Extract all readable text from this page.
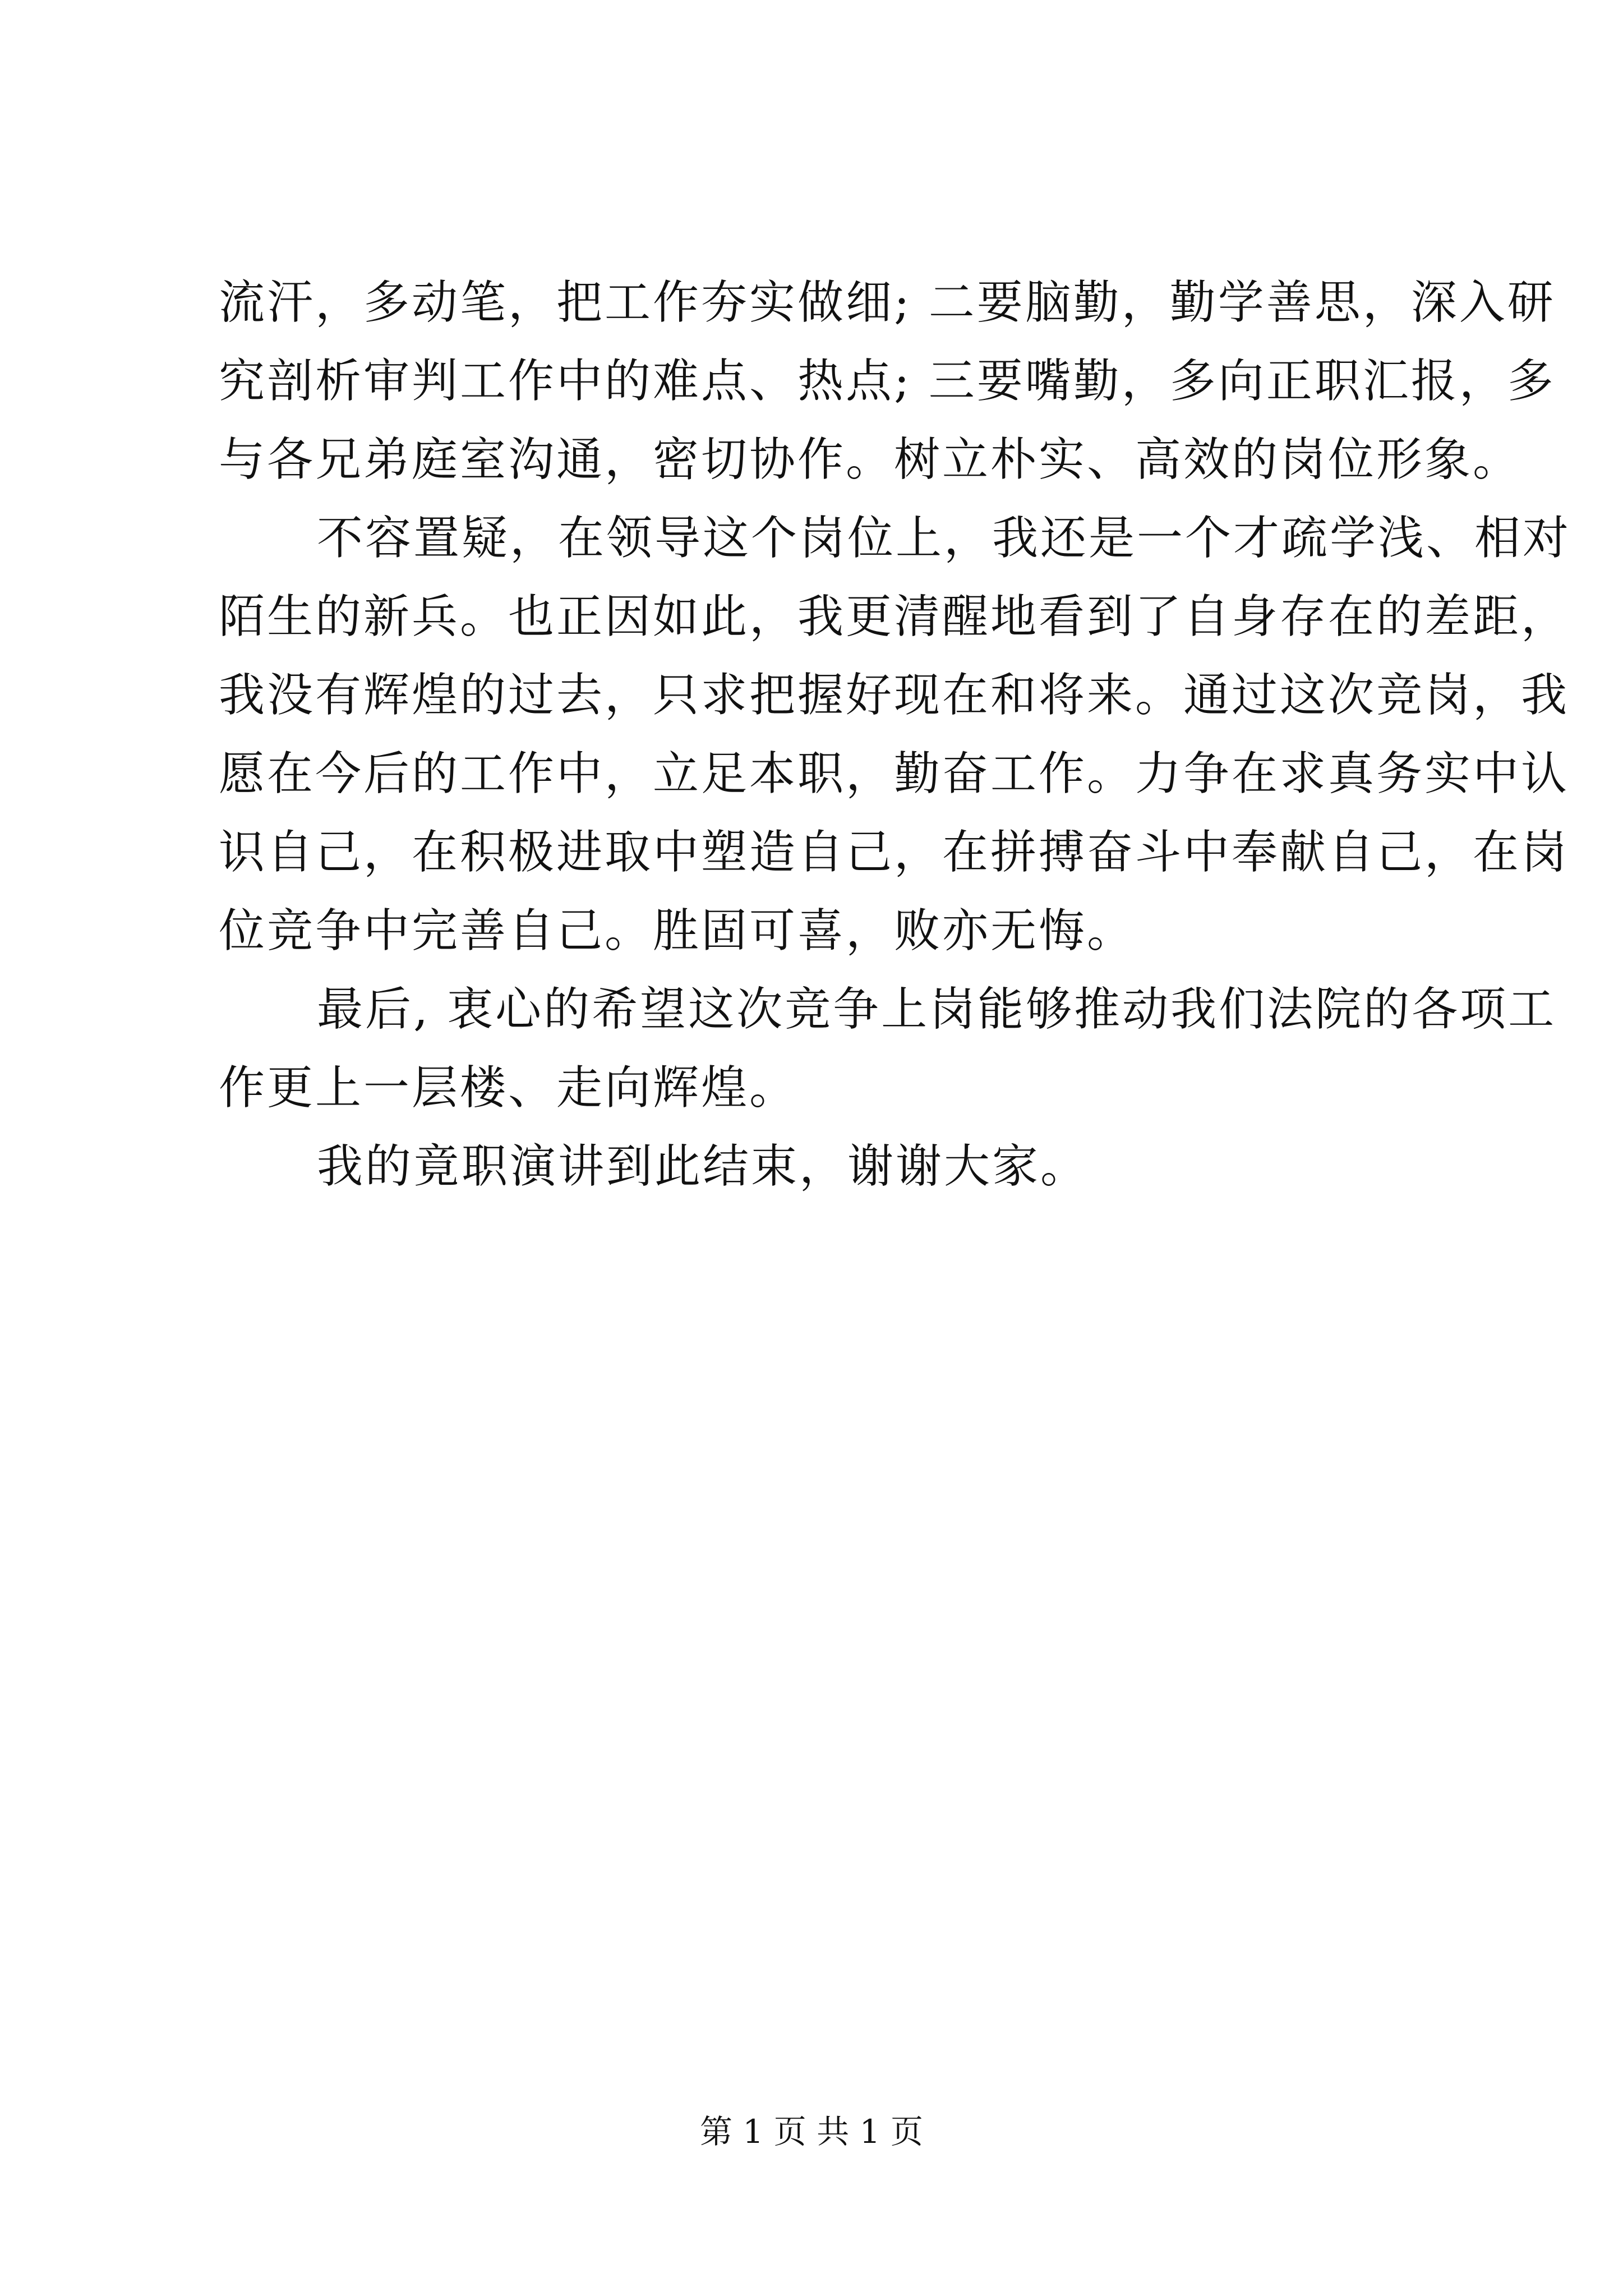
流汗，多动笔，把工作夯实做细; 二要脑勤，勤学善思，深入研
究剖析审判工作中的难点、热点; 三要嘴勤，多向正职汇报，多
与各兄弟庭室沟通，密切协作。树立朴实、高效的岗位形象。
不容置疑，在领导这个岗位上，我还是一个才疏学浅、相对
陌生的新兵。也正因如此，我更清醒地看到了自身存在的差距，
我没有辉煌的过去，只求把握好现在和将来。通过这次竞岗，我
愿在今后的工作中，立足本职，勤奋工作。力争在求真务实中认
识自己，在积极进取中塑造自己，在拼搏奋斗中奉献自己，在岗
位竞争中完善自己。胜固可喜，败亦无悔。
最后, 衷心的希望这次竞争上岗能够推动我们法院的各项工
作更上一层楼、走向辉煌。
我的竟职演讲到此结束，谢谢大家。
第 1 页 共 1 页
